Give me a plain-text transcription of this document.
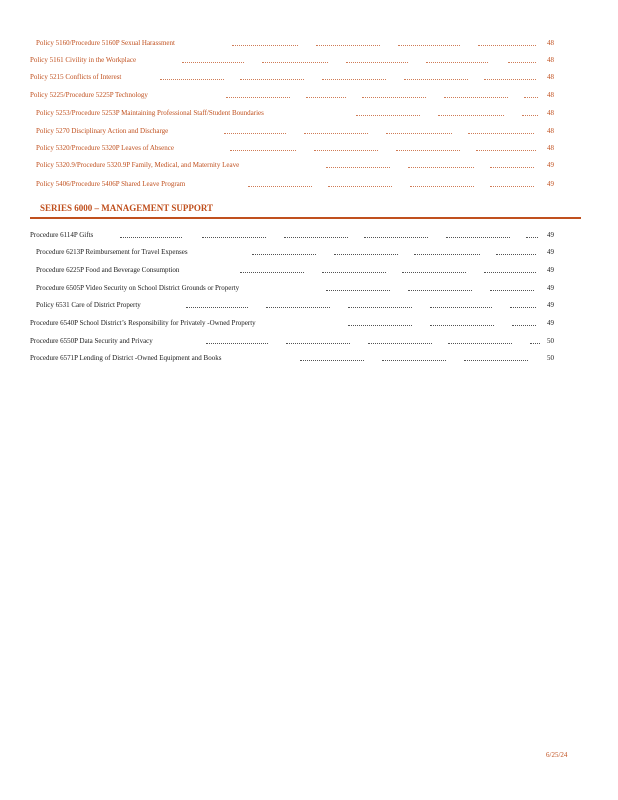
Policy 5160/Procedure 5160P Sexual Harassment	48
Policy 5161 Civility in the Workplace	48
Policy 5215 Conflicts of Interest	48
Policy 5225/Procedure 5225P Technology	48
Policy 5253/Procedure 5253P Maintaining Professional Staff/Student Boundaries	48
Policy 5270 Disciplinary Action and Discharge	48
Policy 5320/Procedure 5320P Leaves of Absence	48
Policy 5320.9/Procedure 5320.9P Family, Medical, and Maternity Leave	49
Policy 5406/Procedure 5406P Shared Leave Program	49
SERIES 6000 – MANAGEMENT SUPPORT
Procedure 6114P Gifts	49
Procedure 6213P Reimbursement for Travel Expenses	49
Procedure 6225P Food and Beverage Consumption	49
Procedure 6505P Video Security on School District Grounds or Property	49
Policy 6531 Care of District Property	49
Procedure 6540P School District’s Responsibility for Privately -Owned Property	49
Procedure 6550P Data Security and Privacy	50
Procedure 6571P Lending of District -Owned Equipment and Books	50
6/25/24
